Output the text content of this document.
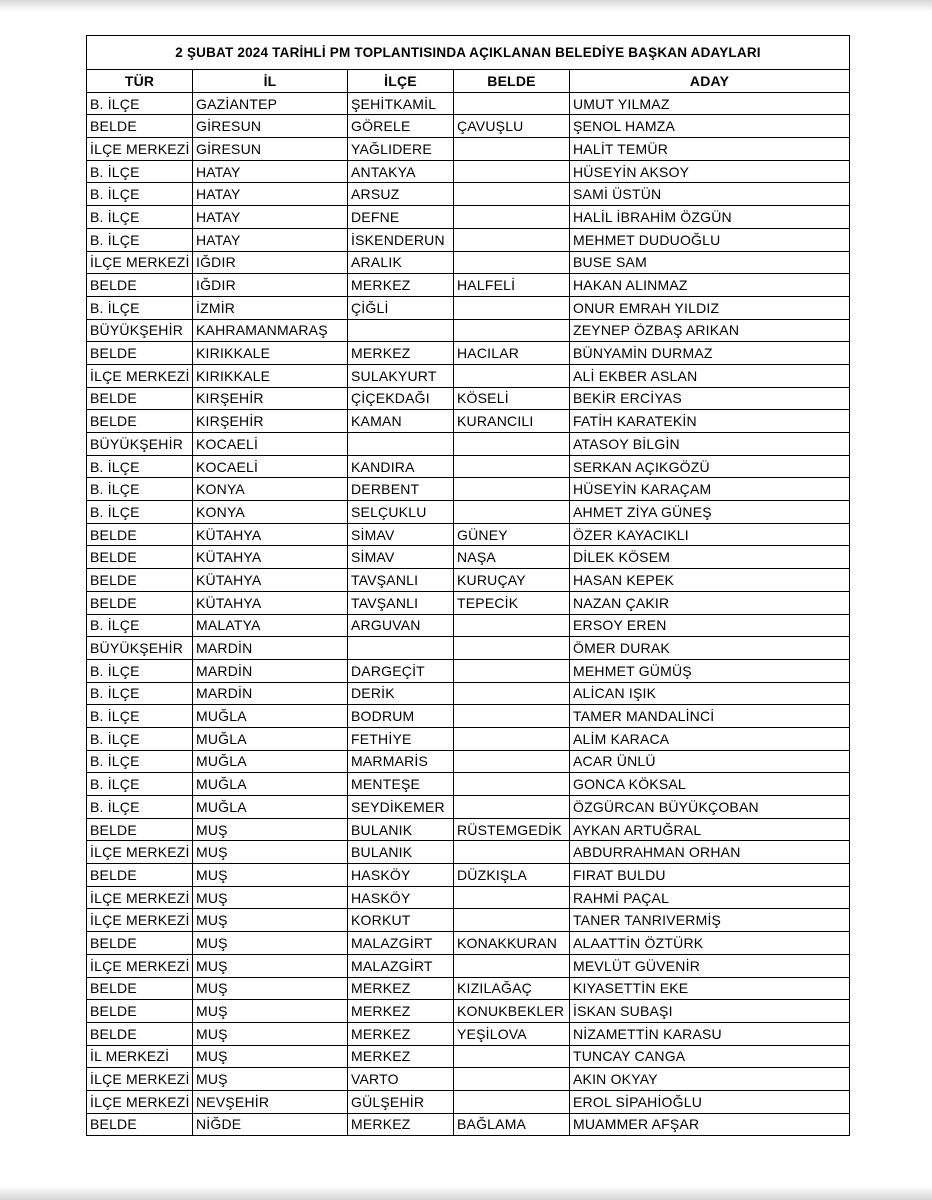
2 ŞUBAT 2024 TARİHLİ PM TOPLANTISINDA AÇIKLANAN BELEDİYE BAŞKAN ADAYLARI				
TÜR	İL	İLÇE	BELDE	ADAY
B. İLÇE	GAZİANTEP	ŞEHİTKAMİL		UMUT YILMAZ
BELDE	GİRESUN	GÖRELE	ÇAVUŞLU	ŞENOL HAMZA
İLÇE MERKEZİ	GİRESUN	YAĞLIDERE		HALİT TEMÜR
B. İLÇE	HATAY	ANTAKYA		HÜSEYİN AKSOY
B. İLÇE	HATAY	ARSUZ		SAMİ ÜSTÜN
B. İLÇE	HATAY	DEFNE		HALİL İBRAHİM ÖZGÜN
B. İLÇE	HATAY	İSKENDERUN		MEHMET DUDUOĞLU
İLÇE MERKEZİ	IĞDIR	ARALIK		BUSE SAM
BELDE	IĞDIR	MERKEZ	HALFELİ	HAKAN ALINMAZ
B. İLÇE	İZMİR	ÇİĞLİ		ONUR EMRAH YILDIZ
BÜYÜKŞEHİR	KAHRAMANMARAŞ			ZEYNEP ÖZBAŞ ARIKAN
BELDE	KIRIKKALE	MERKEZ	HACILAR	BÜNYAMİN DURMAZ
İLÇE MERKEZİ	KIRIKKALE	SULAKYURT		ALİ EKBER ASLAN
BELDE	KIRŞEHİR	ÇİÇEKDAĞI	KÖSELİ	BEKİR ERCİYAS
BELDE	KIRŞEHİR	KAMAN	KURANCILI	FATİH KARATEKİN
BÜYÜKŞEHİR	KOCAELİ			ATASOY BİLGİN
B. İLÇE	KOCAELİ	KANDIRA		SERKAN AÇIKGÖZÜ
B. İLÇE	KONYA	DERBENT		HÜSEYİN KARAÇAM
B. İLÇE	KONYA	SELÇUKLU		AHMET ZİYA GÜNEŞ
BELDE	KÜTAHYA	SİMAV	GÜNEY	ÖZER KAYACIKLI
BELDE	KÜTAHYA	SİMAV	NAŞA	DİLEK KÖSEM
BELDE	KÜTAHYA	TAVŞANLI	KURUÇAY	HASAN KEPEK
BELDE	KÜTAHYA	TAVŞANLI	TEPECİK	NAZAN ÇAKIR
B. İLÇE	MALATYA	ARGUVAN		ERSOY EREN
BÜYÜKŞEHİR	MARDİN			ÖMER DURAK
B. İLÇE	MARDİN	DARGEÇİT		MEHMET GÜMÜŞ
B. İLÇE	MARDİN	DERİK		ALİCAN IŞIK
B. İLÇE	MUĞLA	BODRUM		TAMER MANDALİNCİ
B. İLÇE	MUĞLA	FETHİYE		ALİM KARACA
B. İLÇE	MUĞLA	MARMARİS		ACAR ÜNLÜ
B. İLÇE	MUĞLA	MENTEŞE		GONCA KÖKSAL
B. İLÇE	MUĞLA	SEYDİKEMER		ÖZGÜRCAN BÜYÜKÇOBAN
BELDE	MUŞ	BULANIK	RÜSTEMGEDİK	AYKAN ARTUĞRAL
İLÇE MERKEZİ	MUŞ	BULANIK		ABDURRAHMAN ORHAN
BELDE	MUŞ	HASKÖY	DÜZKIŞLA	FIRAT BULDU
İLÇE MERKEZİ	MUŞ	HASKÖY		RAHMİ PAÇAL
İLÇE MERKEZİ	MUŞ	KORKUT		TANER TANRIVERMİŞ
BELDE	MUŞ	MALAZGİRT	KONAKKURAN	ALAATTİN ÖZTÜRK
İLÇE MERKEZİ	MUŞ	MALAZGİRT		MEVLÜT GÜVENİR
BELDE	MUŞ	MERKEZ	KIZILAĞAÇ	KIYASETTİN EKE
BELDE	MUŞ	MERKEZ	KONUKBEKLER	İSKAN SUBAŞI
BELDE	MUŞ	MERKEZ	YEŞİLOVA	NİZAMETTİN KARASU
İL MERKEZİ	MUŞ	MERKEZ		TUNCAY CANGA
İLÇE MERKEZİ	MUŞ	VARTO		AKIN OKYAY
İLÇE MERKEZİ	NEVŞEHİR	GÜLŞEHİR		EROL SİPAHİOĞLU
BELDE	NİĞDE	MERKEZ	BAĞLAMA	MUAMMER AFŞAR
